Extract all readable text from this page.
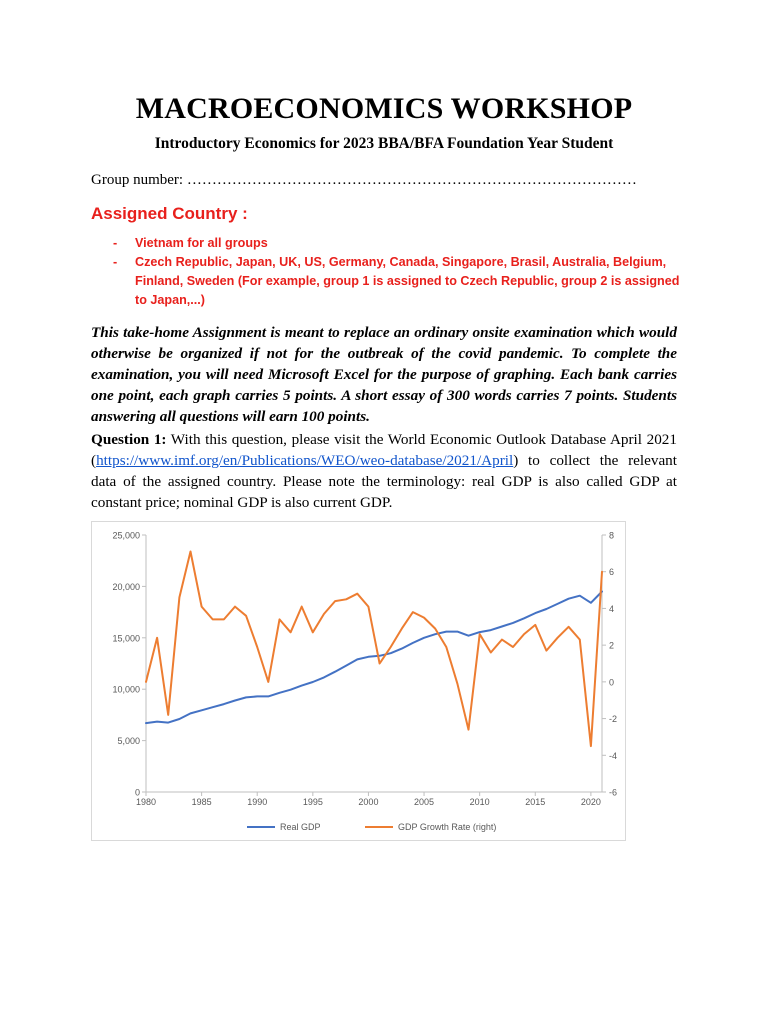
MACROECONOMICS WORKSHOP
Introductory Economics for 2023 BBA/BFA Foundation Year Student
Group number: ………………………………………………………………………………
Assigned Country :
- Vietnam for all groups
- Czech Republic, Japan, UK, US, Germany, Canada, Singapore, Brasil, Australia, Belgium, Finland, Sweden (For example, group 1 is assigned to Czech Republic, group 2 is assigned to Japan,...)
This take-home Assignment is meant to replace an ordinary onsite examination which would otherwise be organized if not for the outbreak of the covid pandemic. To complete the examination, you will need Microsoft Excel for the purpose of graphing. Each bank carries one point, each graph carries 5 points. A short essay of 300 words carries 7 points. Students answering all questions will earn 100 points.
Question 1: With this question, please visit the World Economic Outlook Database April 2021 (https://www.imf.org/en/Publications/WEO/weo-database/2021/April) to collect the relevant data of the assigned country. Please note the terminology: real GDP is also called GDP at constant price; nominal GDP is also current GDP.
0
5,000
10,000
15,000
20,000
25,000
-6
-4
-2
0
2
4
6
8
1980	1985	1990	1995	2000	2005	2010	2015	2020
Real GDP	GDP Growth Rate (right)
